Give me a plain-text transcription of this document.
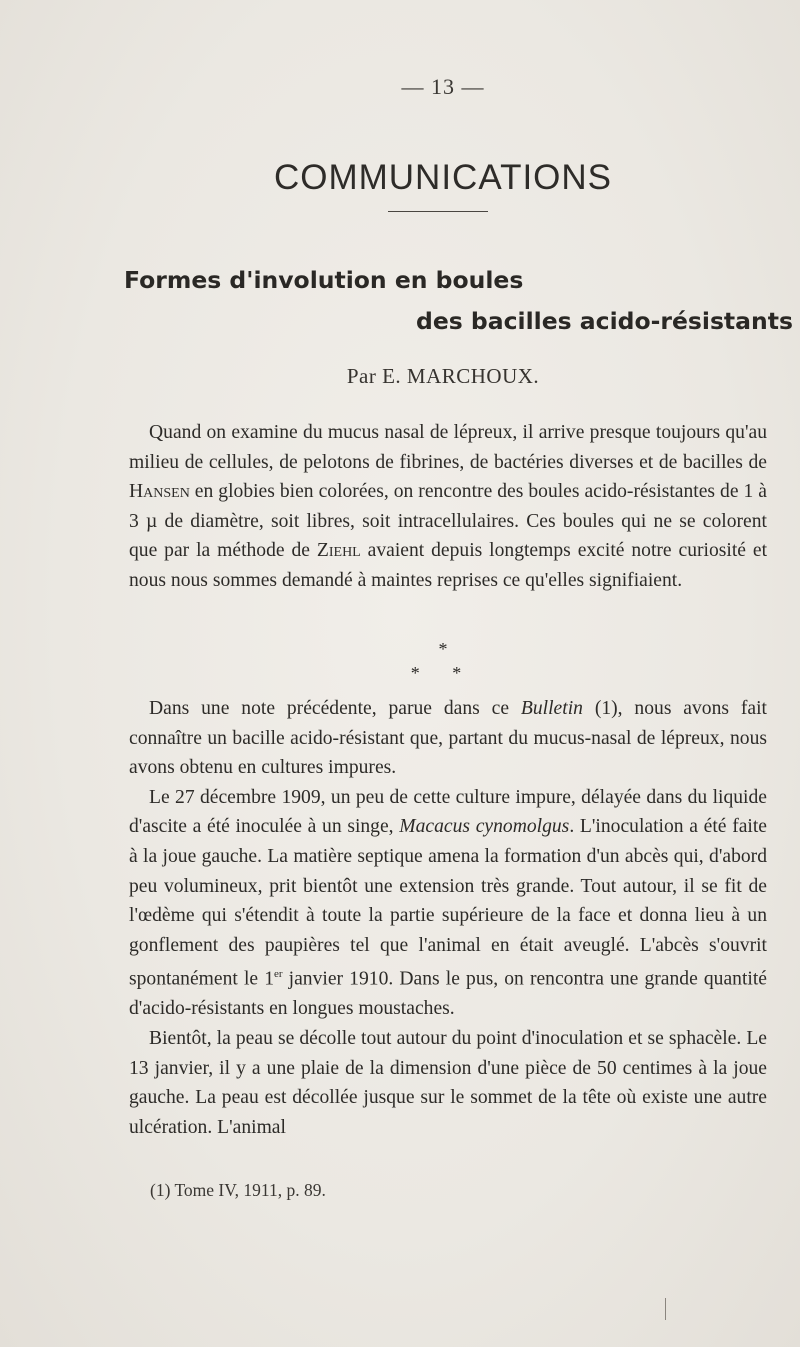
— 13 —
COMMUNICATIONS
Formes d'involution en boules
des bacilles acido-résistants
Par E. MARCHOUX.

Quand on examine du mucus nasal de lépreux, il arrive presque toujours qu'au milieu de cellules, de pelotons de fibrines, de bactéries diverses et de bacilles de Hansen en globies bien colorées, on rencontre des boules acido-résistantes de 1 à 3 µ de diamètre, soit libres, soit intracellulaires. Ces boules qui ne se colorent que par la méthode de Ziehl avaient depuis longtemps excité notre curiosité et nous nous sommes demandé à maintes reprises ce qu'elles signifiaient.

*
* *

Dans une note précédente, parue dans ce Bulletin (1), nous avons fait connaître un bacille acido-résistant que, partant du mucus-nasal de lépreux, nous avons obtenu en cultures impures.

Le 27 décembre 1909, un peu de cette culture impure, délayée dans du liquide d'ascite a été inoculée à un singe, Macacus cynomolgus. L'inoculation a été faite à la joue gauche. La matière septique amena la formation d'un abcès qui, d'abord peu volumineux, prit bientôt une extension très grande. Tout autour, il se fit de l'œdème qui s'étendit à toute la partie supérieure de la face et donna lieu à un gonflement des paupières tel que l'animal en était aveuglé. L'abcès s'ouvrit spontanément le 1er janvier 1910. Dans le pus, on rencontra une grande quantité d'acido-résistants en longues moustaches.

Bientôt, la peau se décolle tout autour du point d'inoculation et se sphacèle. Le 13 janvier, il y a une plaie de la dimension d'une pièce de 50 centimes à la joue gauche. La peau est décollée jusque sur le sommet de la tête où existe une autre ulcération. L'animal

(1) Tome IV, 1911, p. 89.
